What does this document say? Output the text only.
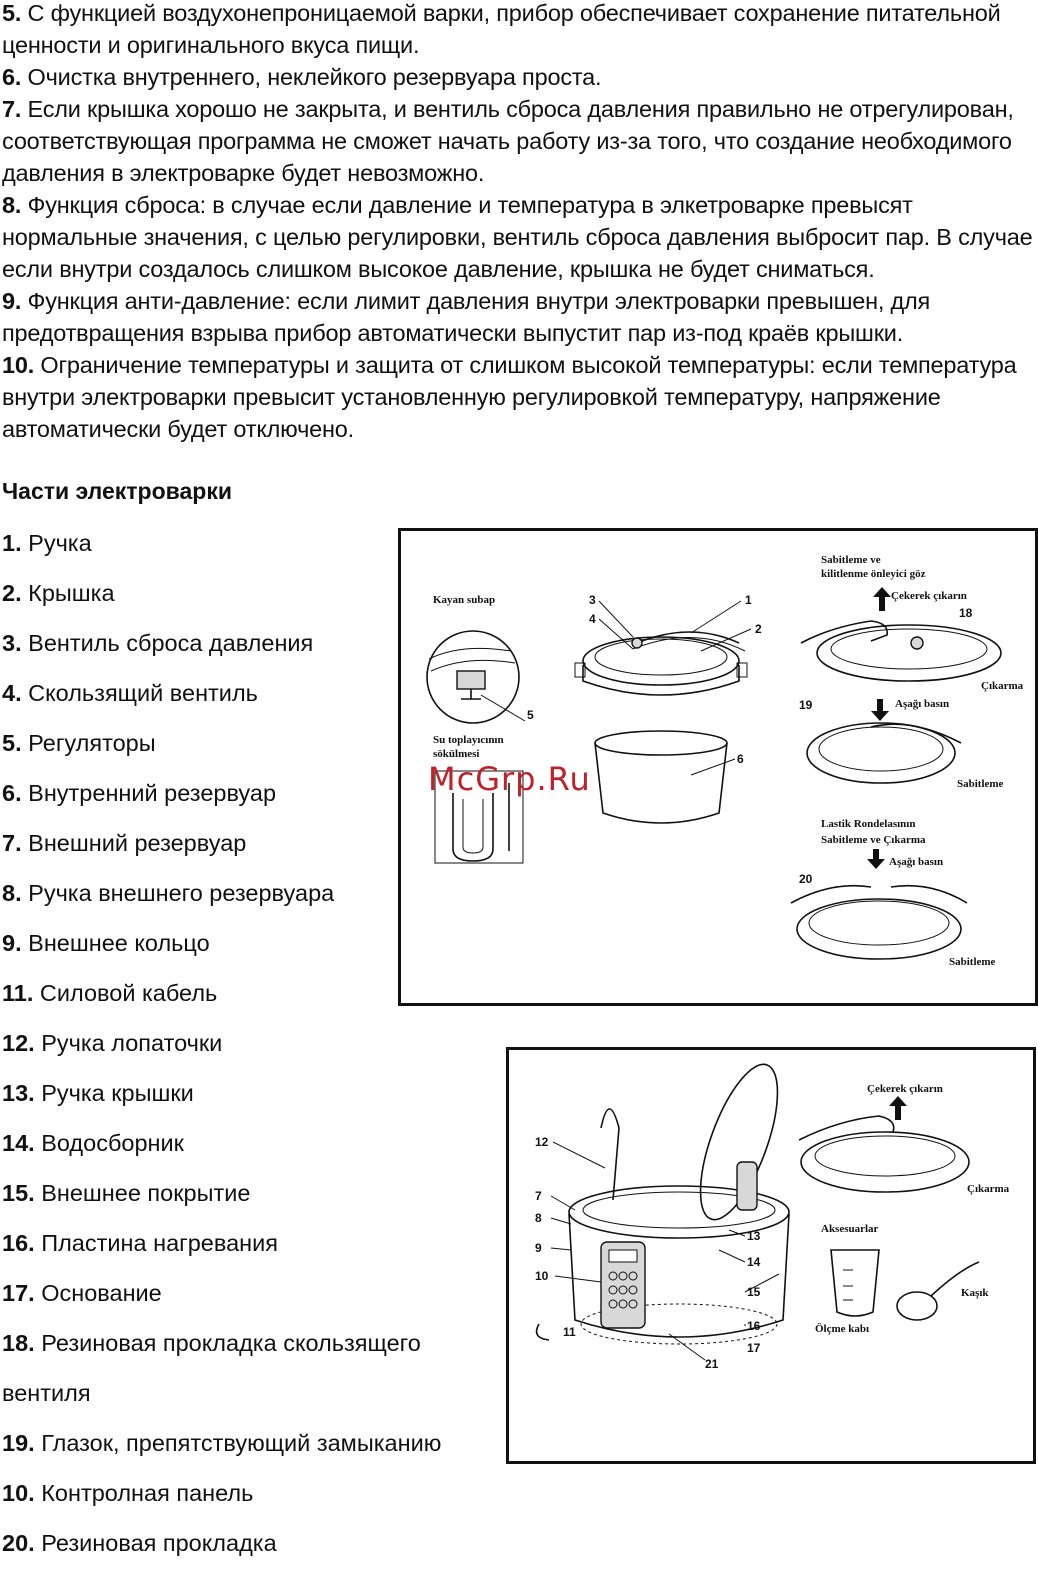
5. С функцией воздухонепроницаемой варки, прибор обеспечивает сохранение питательной ценности и оригинального вкуса пищи.

6. Очистка внутреннего, неклейкого резервуара проста.

7. Если крышка хорошо не закрыта, и вентиль сброса давления правильно не отрегулирован, соответствующая программа не сможет начать работу из-за того, что создание необходимого давления в электроварке будет невозможно.

8. Функция сброса: в случае если давление и температура в элкетроварке превысят нормальные значения, с целью регулировки, вентиль сброса давления выбросит пар. В случае если внутри создалось слишком высокое давление, крышка не будет сниматься.

9. Функция анти-давление: если лимит давления внутри электроварки превышен, для предотвращения взрыва прибор автоматически выпустит пар из-под краёв крышки.

10. Ограничение температуры и защита от слишком высокой температуры: если температура внутри электроварки превысит установленную регулировкой температуру, напряжение автоматически будет отключено.

Части электроварки
1. Ручка
2. Крышка
3. Вентиль сброса давления
4. Скользящий вентиль
5. Регуляторы
6. Внутренний резервуар
7. Внешний резервуар
8. Ручка внешнего резервуара
9. Внешнее кольцо
11. Силовой кабель
12. Ручка лопаточки
13. Ручка крышки
14. Водосборник
15. Внешнее покрытие
16. Пластина нагревания
17. Основание
18. Резиновая прокладка скользящего
вентиля
19. Глазок, препятствующий замыканию
10. Контролная панель
20. Резиновая прокладка
Kayan subap
5
Su toplayıcının
sökülmesi
3
4
1
2
6
Sabitleme ve
kilitlenme önleyici göz
Çekerek çıkarın
18
Çıkarma
19	Aşağı basın
Sabitleme
Lastik Rondelasının
Sabitleme ve Çıkarma
Aşağı basın
20
Sabitleme
McGrp.Ru
12
7
8
9
10
11
13
14
15
16
17
21
Çekerek çıkarın
Çıkarma
Aksesuarlar
Ölçme kabı
Kaşık
